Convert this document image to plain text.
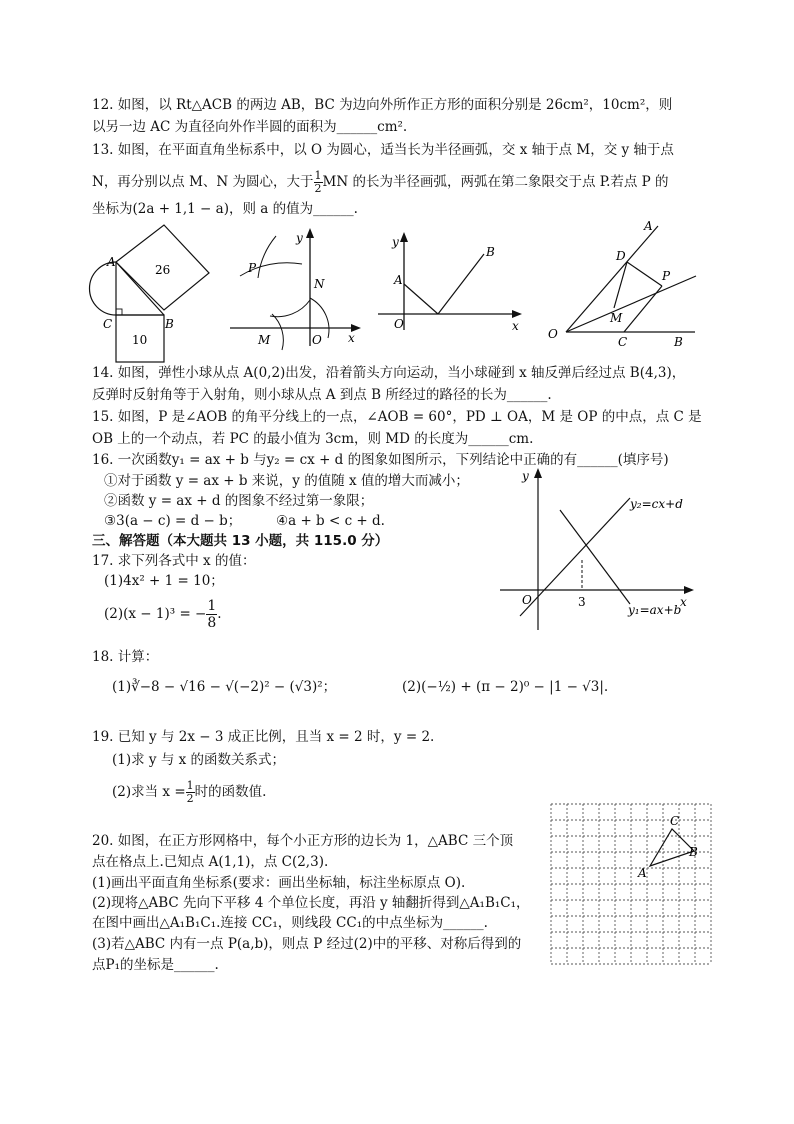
12. 如图，以 Rt△ACB 的两边 AB，BC 为边向外所作正方形的面积分别是 26cm²，10cm²，则
以另一边 AC 为直径向外作半圆的面积为______cm².
13. 如图，在平面直角坐标系中，以 O 为圆心，适当长为半径画弧，交 x 轴于点 M，交 y 轴于点
N，再分别以点 M、N 为圆心，大于 $\frac{1}{2}$ MN 的长为半径画弧，两弧在第二象限交于点 P.若点 P 的
坐标为(2a + 1,1 − a)，则 a 的值为______.
26
10
A
C	B
y
x
P
N
M	O
y
A
B
O	x
A
D
P
M
O
C	B
14. 如图，弹性小球从点 A(0,2)出发，沿着箭头方向运动，当小球碰到 x 轴反弹后经过点 B(4,3)，
反弹时反射角等于入射角，则小球从点 A 到点 B 所经过的路径的长为______.
15. 如图，P 是∠AOB 的角平分线上的一点，∠AOB = 60°，PD ⊥ OA，M 是 OP 的中点，点 C 是
OB 上的一个动点，若 PC 的最小值为 3cm，则 MD 的长度为______cm.
16. 一次函数y₁ = ax + b 与y₂ = cx + d 的图象如图所示，下列结论中正确的有______(填序号)
①对于函数 y = ax + b 来说，y 的值随 x 值的增大而减小；
②函数 y = ax + d 的图象不经过第一象限；
③3(a − c) = d − b；	④a + b < c + d.
三、解答题（本大题共 13 小题，共 115.0 分）
17. 求下列各式中 x 的值：
(1)4x² + 1 = 10；
(2)(x − 1)³ = − $\frac{1}{8}$ .
y
x
O	3
y₂=cx+d
y₁=ax+b
18. 计算：
(1)∛−8 − √16 − √(−2)² − (√3)²；	(2)(−½) + (π − 2)⁰ − |1 − √3|.
19. 已知 y 与 2x − 3 成正比例，且当 x = 2 时，y = 2.
(1)求 y 与 x 的函数关系式；
(2)求当 $x = \frac{1}{2}$ 时的函数值.
20. 如图，在正方形网格中，每个小正方形的边长为 1，△ABC 三个顶
点在格点上.已知点 A(1,1)，点 C(2,3).
(1)画出平面直角坐标系(要求：画出坐标轴，标注坐标原点 O).
(2)现将△ABC 先向下平移 4 个单位长度，再沿 y 轴翻折得到△A₁B₁C₁，
在图中画出△A₁B₁C₁.连接 CC₁，则线段 CC₁的中点坐标为______.
(3)若△ABC 内有一点 P(a,b)，则点 P 经过(2)中的平移、对称后得到的
点P₁的坐标是______.
A
C
B
